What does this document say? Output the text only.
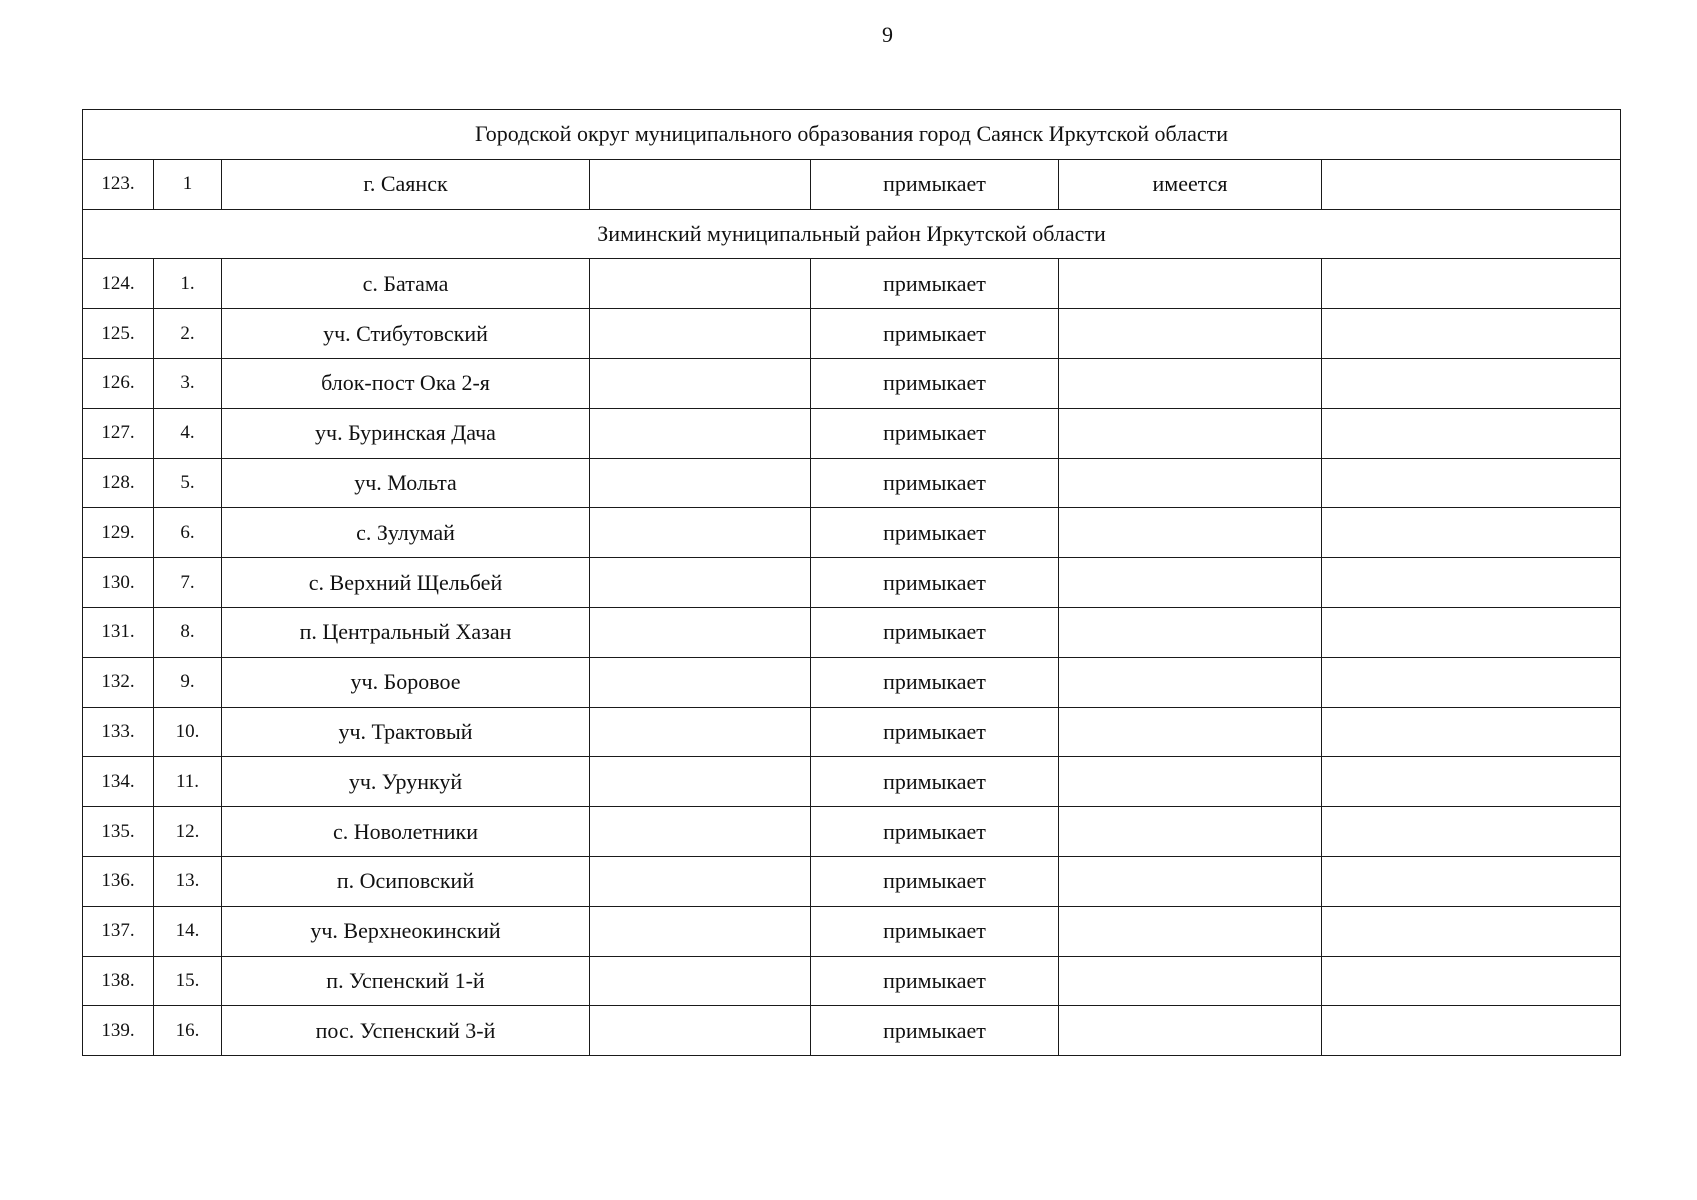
9
Городской округ муниципального образования город Саянск Иркутской области						
123.	1	г. Саянск		примыкает	имеется	
Зиминский муниципальный район Иркутской области						
124.	1.	с. Батама		примыкает		
125.	2.	уч. Стибутовский		примыкает		
126.	3.	блок-пост Ока 2-я		примыкает		
127.	4.	уч. Буринская Дача		примыкает		
128.	5.	уч. Мольта		примыкает		
129.	6.	с. Зулумай		примыкает		
130.	7.	с. Верхний Щельбей		примыкает		
131.	8.	п. Центральный Хазан		примыкает		
132.	9.	уч. Боровое		примыкает		
133.	10.	уч. Трактовый		примыкает		
134.	11.	уч. Урункуй		примыкает		
135.	12.	с. Новолетники		примыкает		
136.	13.	п. Осиповский		примыкает		
137.	14.	уч. Верхнеокинский		примыкает		
138.	15.	п. Успенский 1-й		примыкает		
139.	16.	пос. Успенский 3-й		примыкает		
